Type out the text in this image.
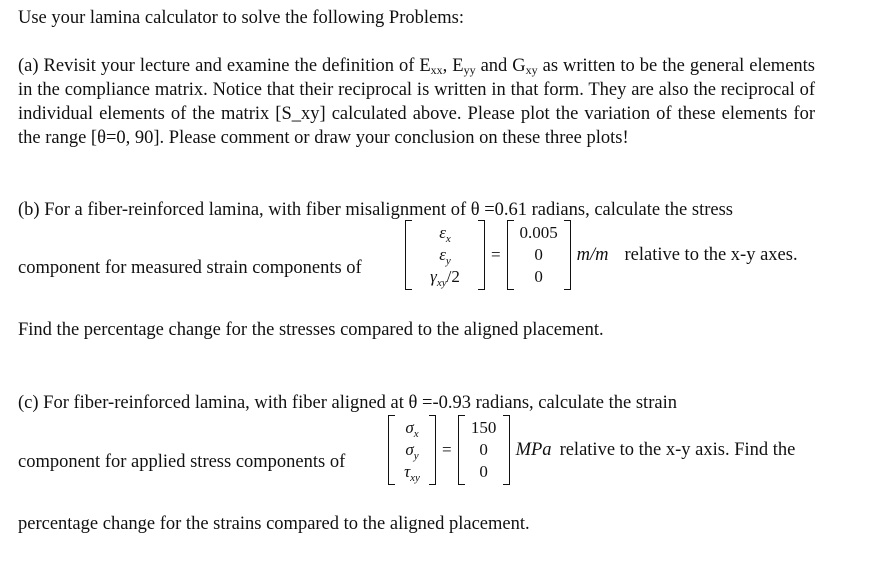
Use your lamina calculator to solve the following Problems:
(a) Revisit your lecture and examine the definition of $E_{xx}$, $E_{yy}$ and $G_{xy}$ as written to be the general elements in the compliance matrix. Notice that their reciprocal is written in that form. They are also the reciprocal of individual elements of the matrix [S_xy] calculated above. Please plot the variation of these elements for the range [θ=0, 90]. Please comment or draw your conclusion on these three plots!
(b) For a fiber-reinforced lamina, with fiber misalignment of θ =0.61 radians, calculate the stress
component for measured strain components of
$\varepsilon_x$
$\varepsilon_y$
$\gamma_{xy}/2$
=
0.005
0
0
m/m relative to the x-y axes.
Find the percentage change for the stresses compared to the aligned placement.
(c) For fiber-reinforced lamina, with fiber aligned at θ =-0.93 radians, calculate the strain
component for applied stress components of
$\sigma_x$
$\sigma_y$
$\tau_{xy}$
=
150
0
0
MPa relative to the x-y axis. Find the
percentage change for the strains compared to the aligned placement.
